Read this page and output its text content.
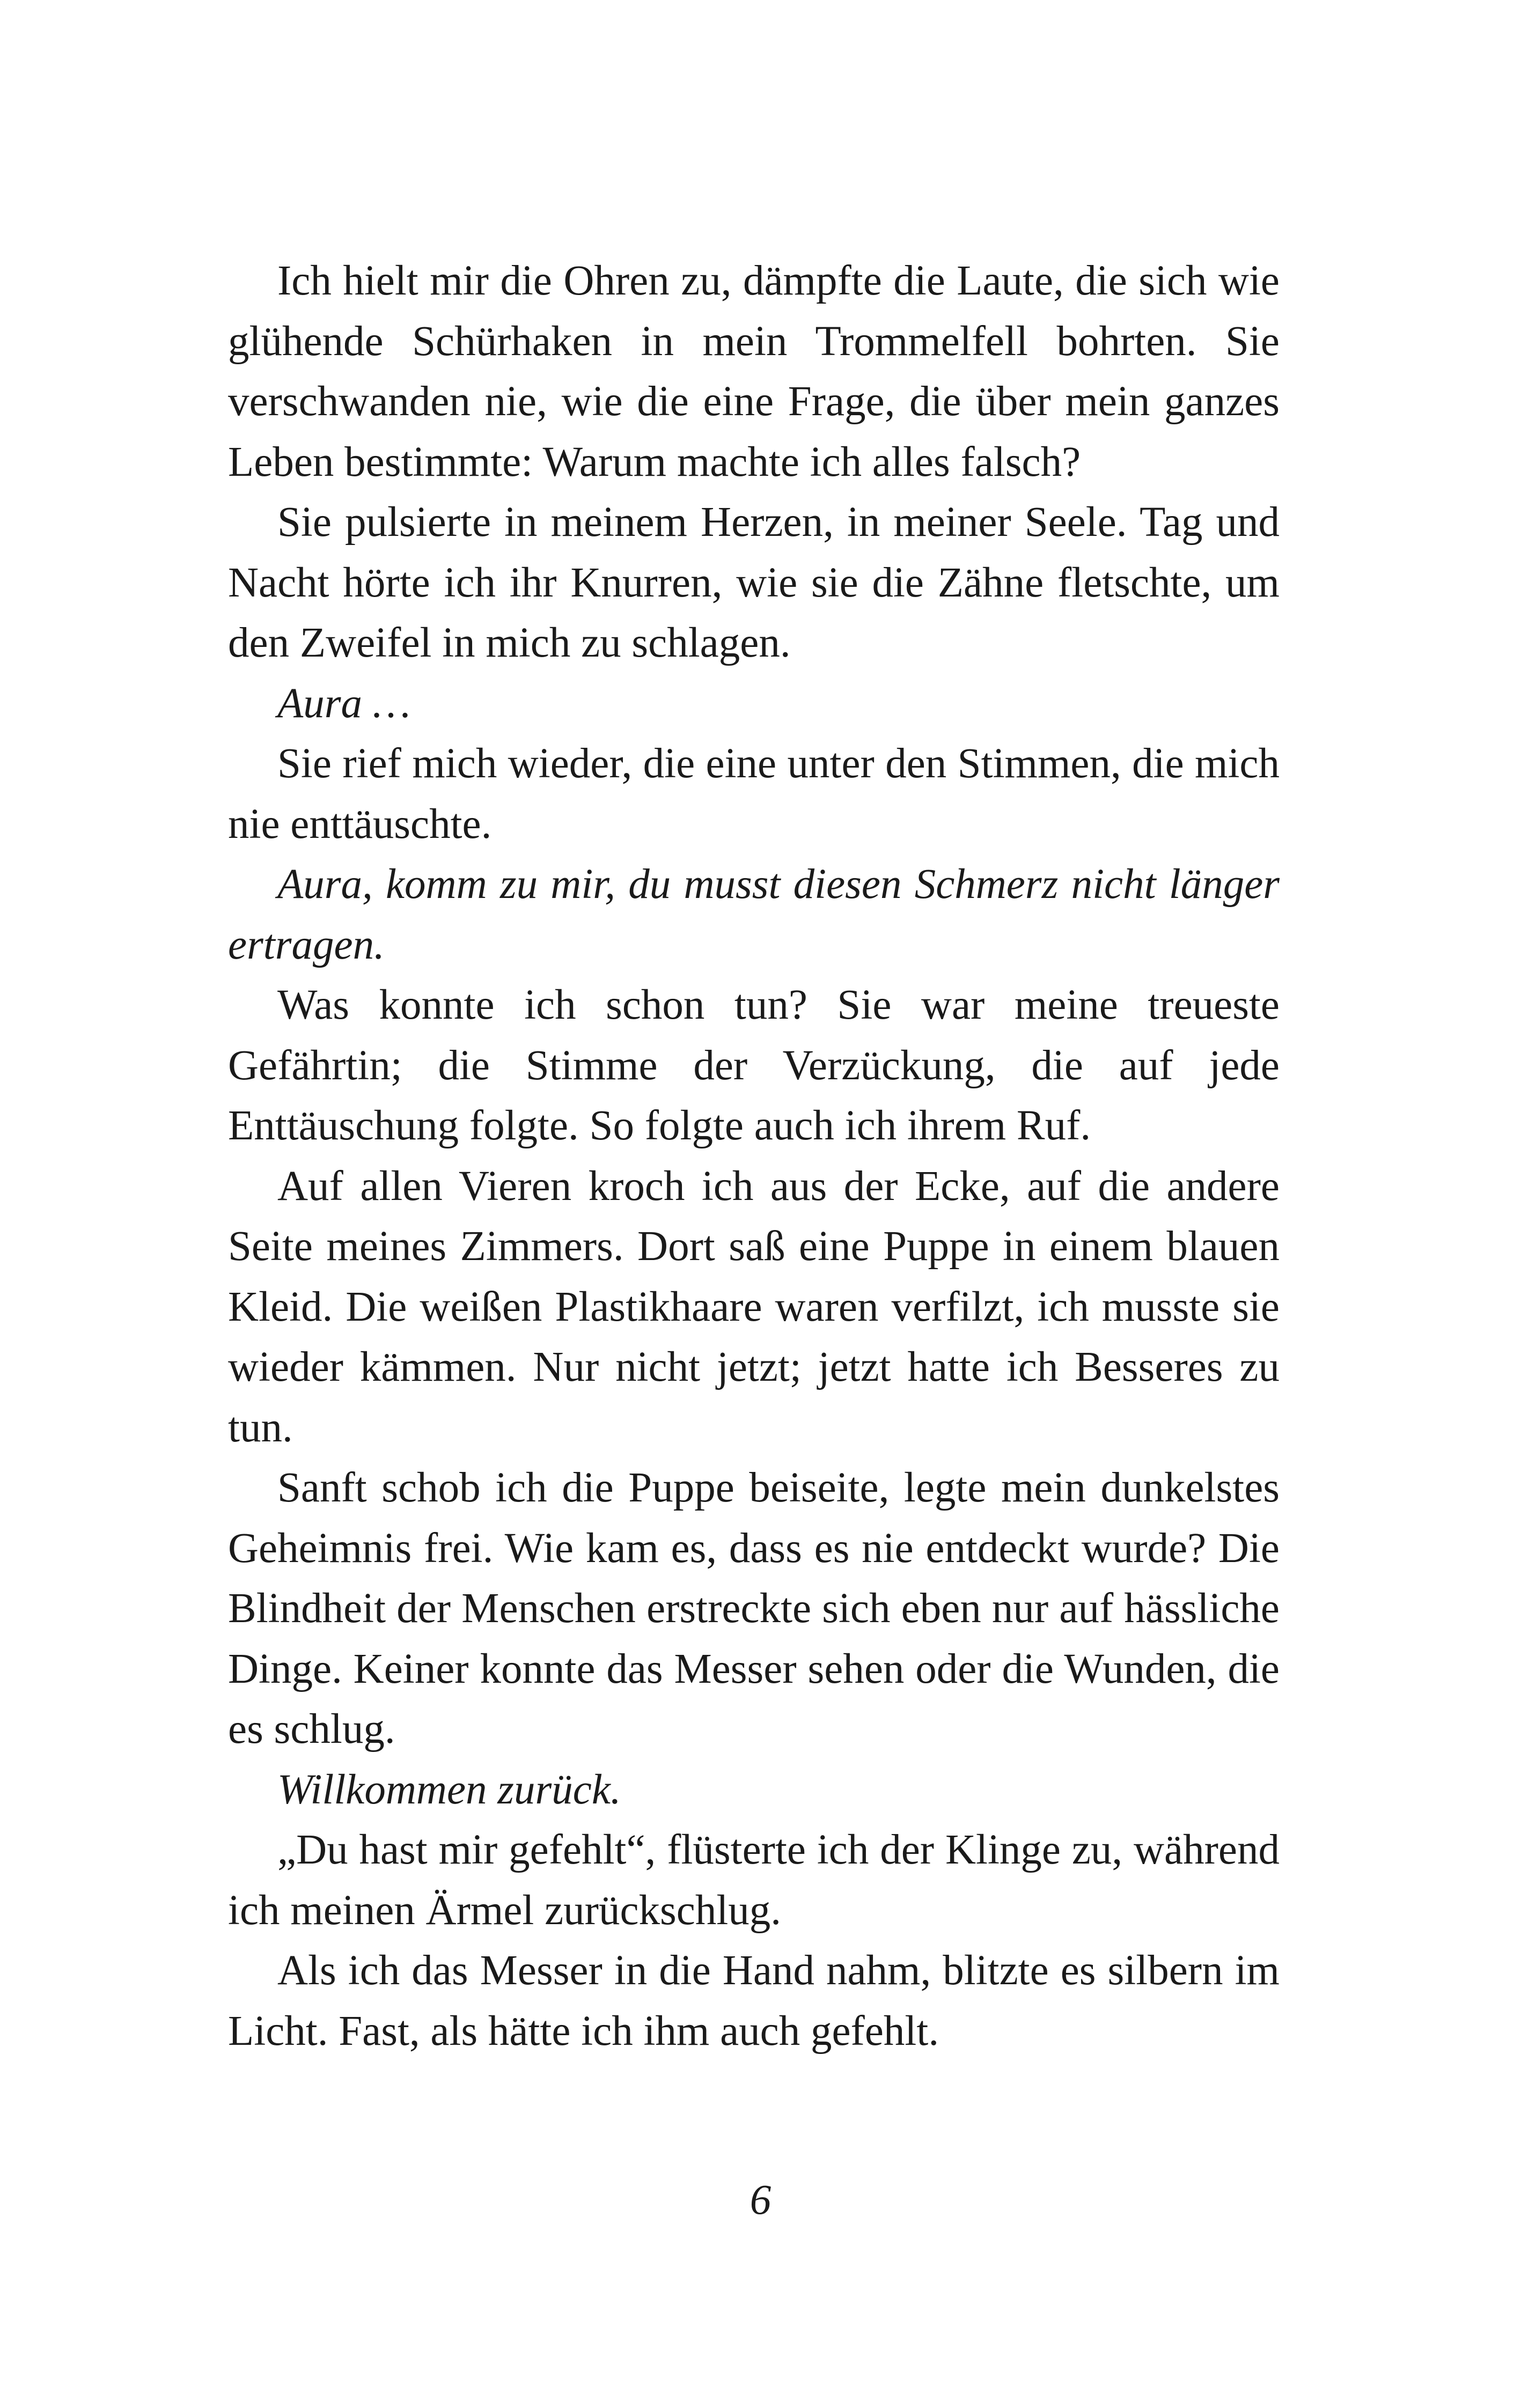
Ich hielt mir die Ohren zu, dämpfte die Laute, die sich wie glühende Schürhaken in mein Trommelfell bohrten. Sie verschwanden nie, wie die eine Frage, die über mein ganzes Leben bestimmte: Warum machte ich alles falsch?

Sie pulsierte in meinem Herzen, in meiner Seele. Tag und Nacht hörte ich ihr Knurren, wie sie die Zähne fletschte, um den Zweifel in mich zu schlagen.

Aura …

Sie rief mich wieder, die eine unter den Stimmen, die mich nie enttäuschte.

Aura, komm zu mir, du musst diesen Schmerz nicht länger ertragen.

Was konnte ich schon tun? Sie war meine treueste Gefährtin; die Stimme der Verzückung, die auf jede Enttäuschung folgte. So folgte auch ich ihrem Ruf.

Auf allen Vieren kroch ich aus der Ecke, auf die andere Seite meines Zimmers. Dort saß eine Puppe in einem blauen Kleid. Die weißen Plastikhaare waren verfilzt, ich musste sie wieder kämmen. Nur nicht jetzt; jetzt hatte ich Besseres zu tun.

Sanft schob ich die Puppe beiseite, legte mein dunkelstes Geheimnis frei. Wie kam es, dass es nie entdeckt wurde? Die Blindheit der Menschen erstreckte sich eben nur auf hässliche Dinge. Keiner konnte das Messer sehen oder die Wunden, die es schlug.

Willkommen zurück.

„Du hast mir gefehlt“, flüsterte ich der Klinge zu, während ich meinen Ärmel zurückschlug.

Als ich das Messer in die Hand nahm, blitzte es silbern im Licht. Fast, als hätte ich ihm auch gefehlt.

6
